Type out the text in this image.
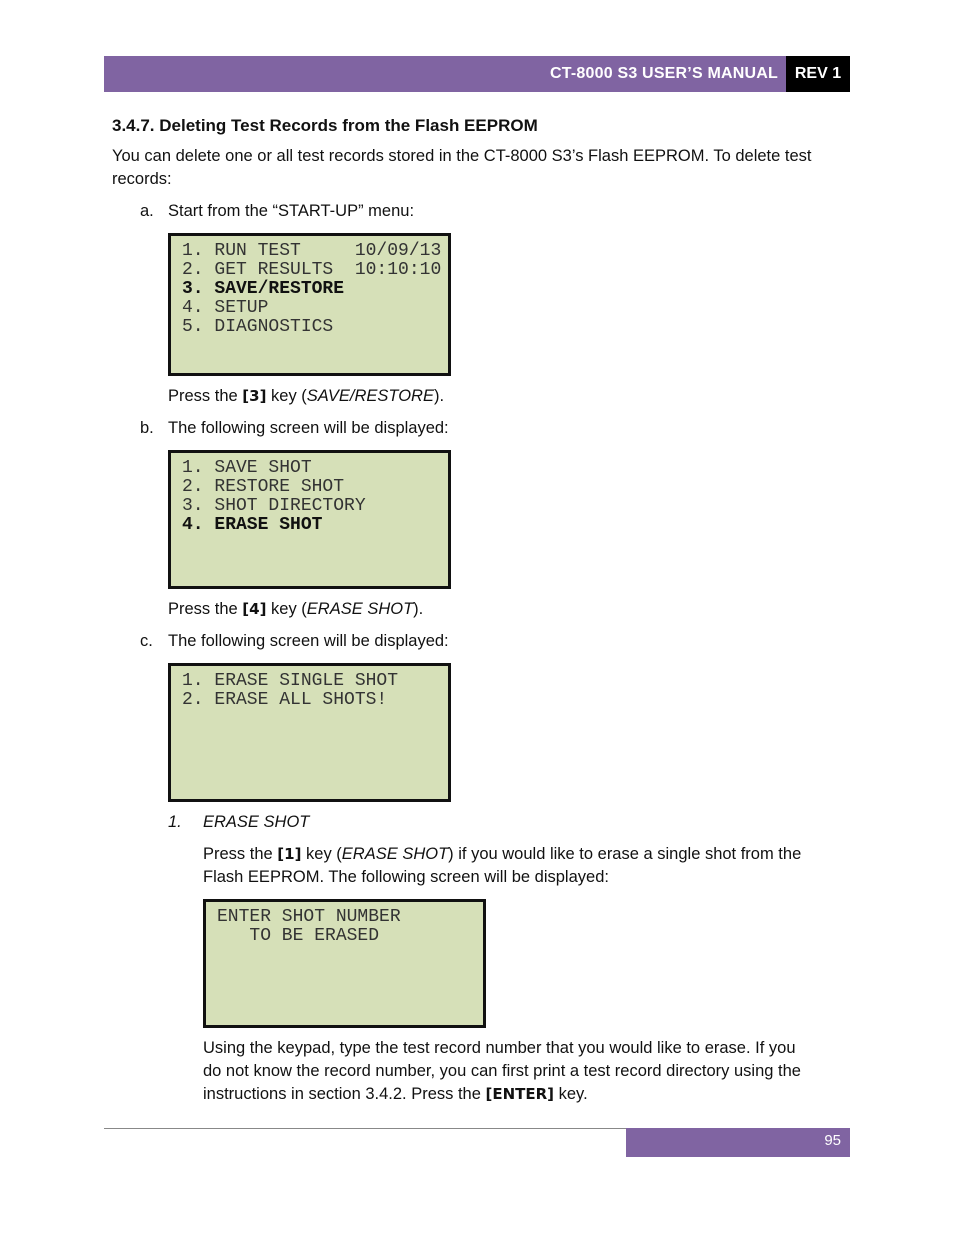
CT-8000 S3 USER’S MANUAL	REV 1
3.4.7. Deleting Test Records from the Flash EEPROM
You can delete one or all test records stored in the CT-8000 S3’s Flash EEPROM. To delete test
records:
a. Start from the “START-UP” menu:
1. RUN TEST     10/09/13
2. GET RESULTS  10:10:10
3. SAVE/RESTORE
4. SETUP
5. DIAGNOSTICS
Press the [3] key (SAVE/RESTORE).
b. The following screen will be displayed:
1. SAVE SHOT
2. RESTORE SHOT
3. SHOT DIRECTORY
4. ERASE SHOT
Press the [4] key (ERASE SHOT).
c. The following screen will be displayed:
1. ERASE SINGLE SHOT
2. ERASE ALL SHOTS!
1. ERASE SHOT
Press the [1] key (ERASE SHOT) if you would like to erase a single shot from the
Flash EEPROM. The following screen will be displayed:
ENTER SHOT NUMBER
TO BE ERASED
Using the keypad, type the test record number that you would like to erase. If you
do not know the record number, you can first print a test record directory using the
instructions in section 3.4.2. Press the [ENTER] key.
95
